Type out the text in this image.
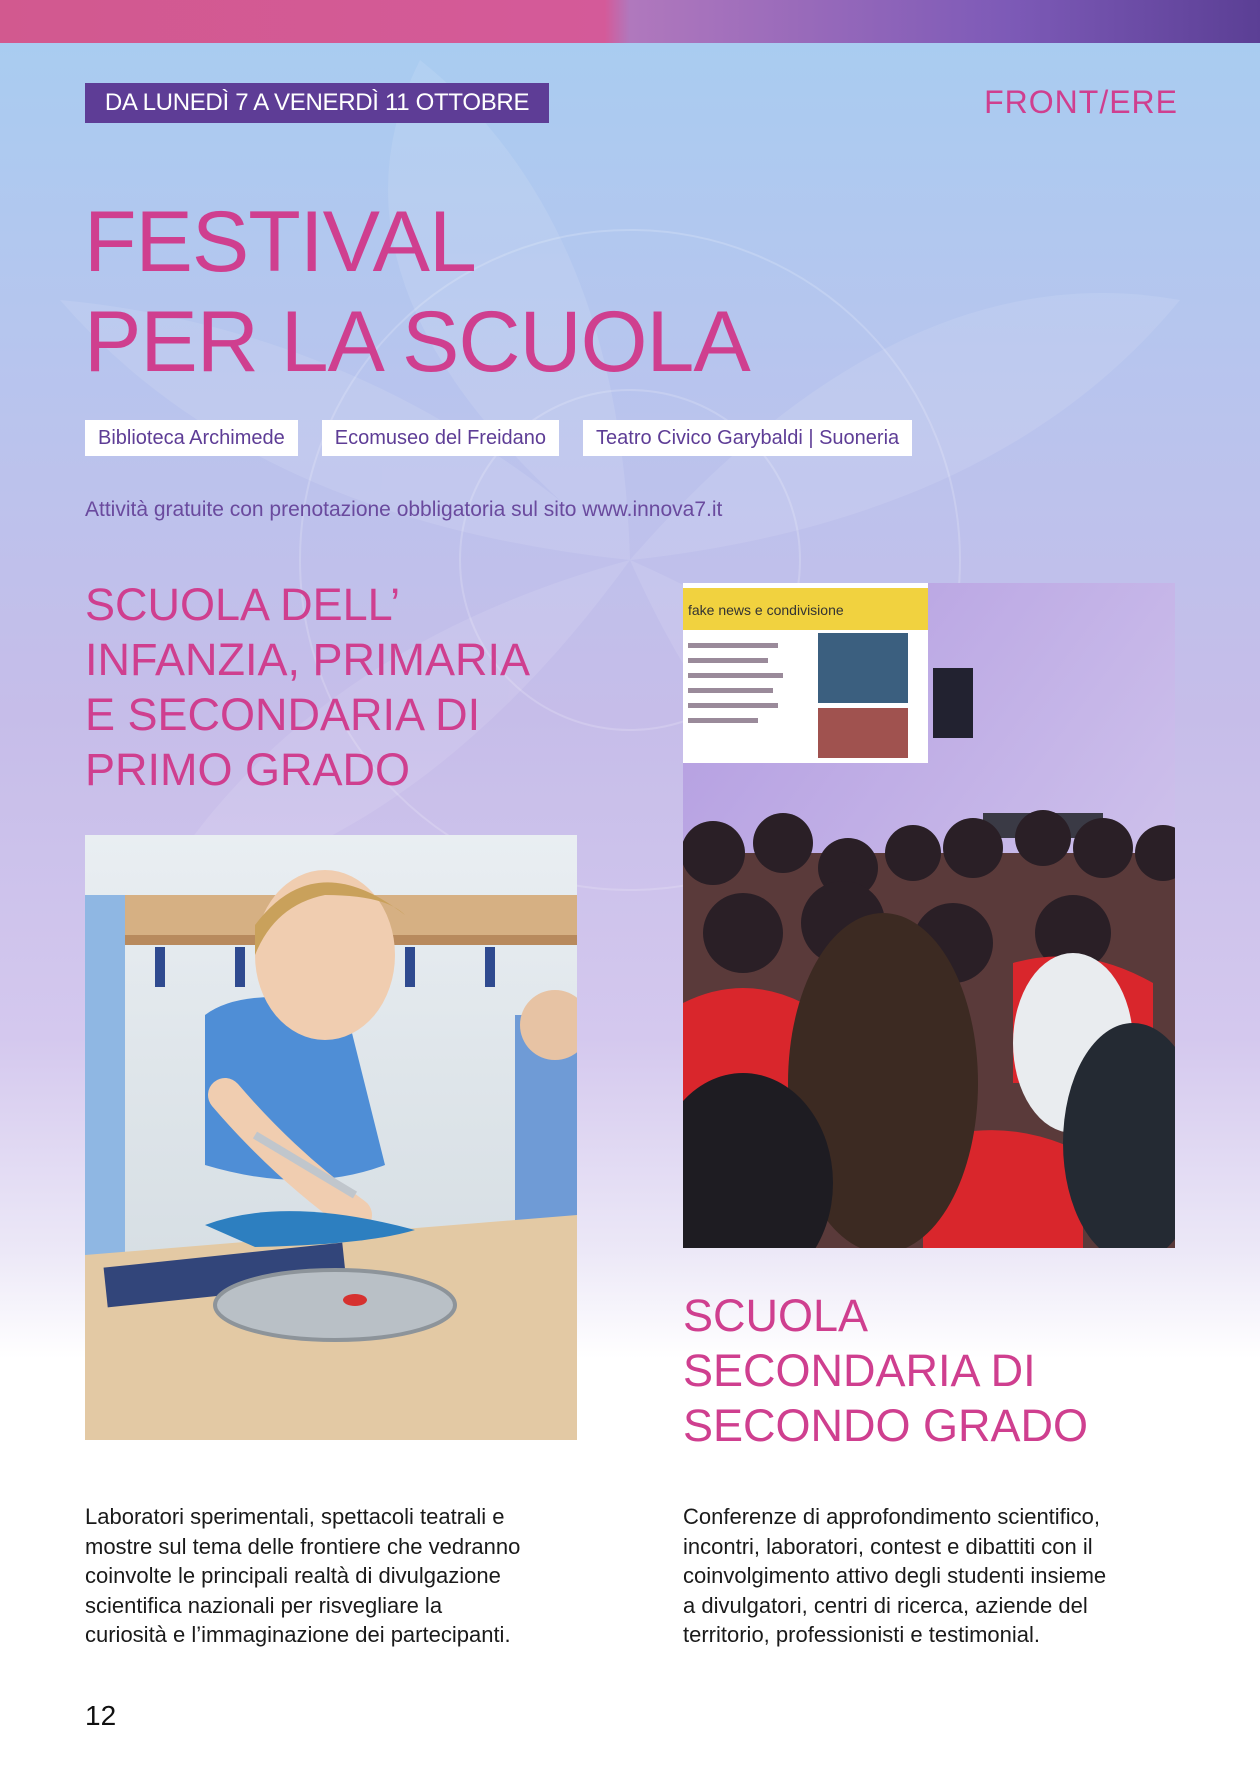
DA LUNEDÌ 7 A VENERDÌ 11 OTTOBRE	FRONT/ERE
FESTIVAL
PER LA SCUOLA
Biblioteca Archimede	Ecomuseo del Freidano	Teatro Civico Garybaldi | Suoneria
Attività gratuite con prenotazione obbligatoria sul sito www.innova7.it
SCUOLA DELL’
INFANZIA, PRIMARIA
E SECONDARIA DI
PRIMO GRADO
fake news e condivisione
SCUOLA
SECONDARIA DI
SECONDO GRADO

Laboratori sperimentali, spettacoli teatrali e
mostre sul tema delle frontiere che vedranno
coinvolte le principali realtà di divulgazione
scientifica nazionali per risvegliare la
curiosità e l’immaginazione dei partecipanti.

Conferenze di approfondimento scientifico,
incontri, laboratori, contest e dibattiti con il
coinvolgimento attivo degli studenti insieme
a divulgatori, centri di ricerca, aziende del
territorio, professionisti e testimonial.

12
